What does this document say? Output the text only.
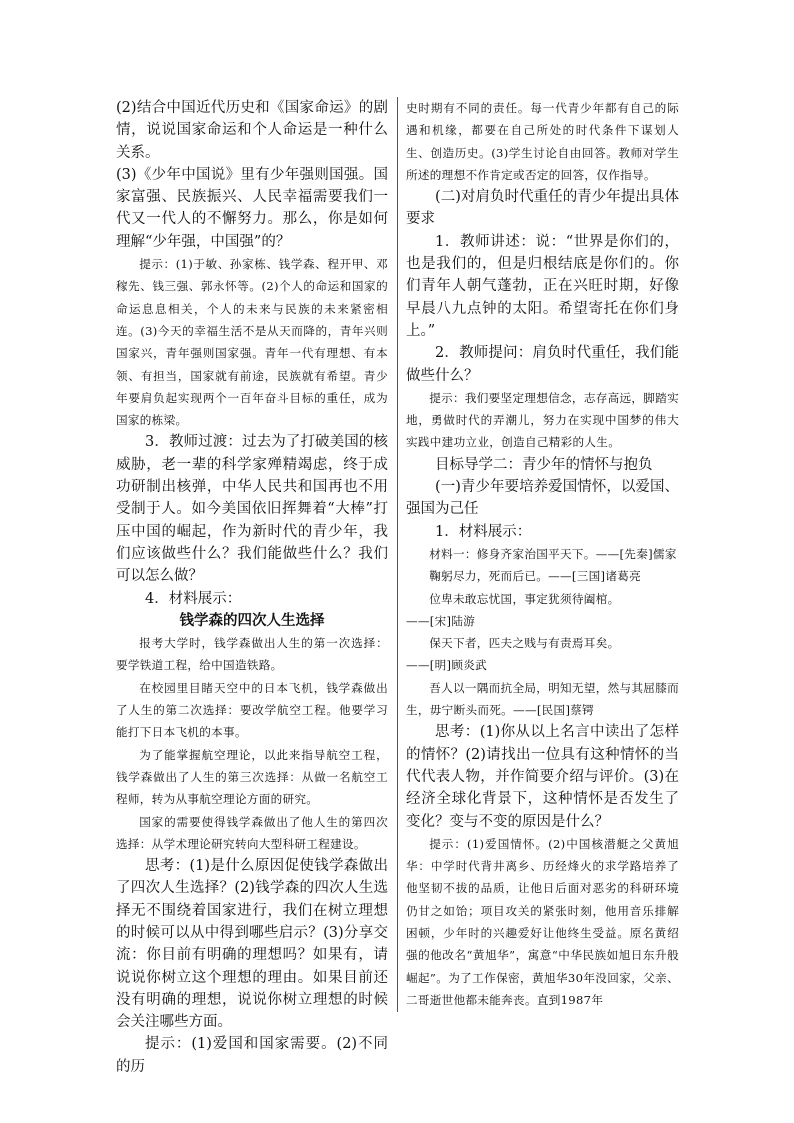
(2)结合中国近代历史和《国家命运》的剧情，说说国家命运和个人命运是一种什么关系。

(3)《少年中国说》里有少年强则国强。国家富强、民族振兴、人民幸福需要我们一代又一代人的不懈努力。那么，你是如何理解“少年强，中国强”的？

提示：(1)于敏、孙家栋、钱学森、程开甲、邓稼先、钱三强、郭永怀等。(2)个人的命运和国家的命运息息相关，个人的未来与民族的未来紧密相连。(3)今天的幸福生活不是从天而降的，青年兴则国家兴，青年强则国家强。青年一代有理想、有本领、有担当，国家就有前途，民族就有希望。青少年要肩负起实现两个一百年奋斗目标的重任，成为国家的栋梁。

3．教师过渡：过去为了打破美国的核威胁，老一辈的科学家殚精竭虑，终于成功研制出核弹，中华人民共和国再也不用受制于人。如今美国依旧挥舞着“大棒”打压中国的崛起，作为新时代的青少年，我们应该做些什么？我们能做些什么？我们可以怎么做？

4．材料展示：

钱学森的四次人生选择

报考大学时，钱学森做出人生的第一次选择：要学铁道工程，给中国造铁路。

在校园里目睹天空中的日本飞机，钱学森做出了人生的第二次选择：要改学航空工程。他要学习能打下日本飞机的本事。

为了能掌握航空理论，以此来指导航空工程，钱学森做出了人生的第三次选择：从做一名航空工程师，转为从事航空理论方面的研究。

国家的需要使得钱学森做出了他人生的第四次选择：从学术理论研究转向大型科研工程建设。

思考：(1)是什么原因促使钱学森做出了四次人生选择？(2)钱学森的四次人生选择无不围绕着国家进行，我们在树立理想的时候可以从中得到哪些启示？(3)分享交流：你目前有明确的理想吗？如果有，请说说你树立这个理想的理由。如果目前还没有明确的理想，说说你树立理想的时候会关注哪些方面。

提示：(1)爱国和国家需要。(2)不同的历

史时期有不同的责任。每一代青少年都有自己的际遇和机缘，都要在自己所处的时代条件下谋划人生、创造历史。(3)学生讨论自由回答。教师对学生所述的理想不作肯定或否定的回答，仅作指导。

(二)对肩负时代重任的青少年提出具体要求

1．教师讲述：说：“世界是你们的，也是我们的，但是归根结底是你们的。你们青年人朝气蓬勃，正在兴旺时期，好像早晨八九点钟的太阳。希望寄托在你们身上。”

2．教师提问：肩负时代重任，我们能做些什么？

提示：我们要坚定理想信念，志存高远，脚踏实地，勇做时代的弄潮儿，努力在实现中国梦的伟大实践中建功立业，创造自己精彩的人生。

目标导学二：青少年的情怀与抱负

(一)青少年要培养爱国情怀，以爱国、强国为己任

1．材料展示：

材料一：修身齐家治国平天下。——[先秦]儒家

鞠躬尽力，死而后已。——[三国]诸葛亮

位卑未敢忘忧国，事定犹须待阖棺。

——[宋]陆游

保天下者，匹夫之贱与有责焉耳矣。

——[明]顾炎武

吾人以一隅而抗全局，明知无望，然与其屈膝而生，毋宁断头而死。——[民国]蔡锷

思考：(1)你从以上名言中读出了怎样的情怀？(2)请找出一位具有这种情怀的当代代表人物，并作简要介绍与评价。(3)在经济全球化背景下，这种情怀是否发生了变化？变与不变的原因是什么？

提示：(1)爱国情怀。(2)中国核潜艇之父黄旭华：中学时代背井离乡、历经烽火的求学路培养了他坚韧不拔的品质，让他日后面对恶劣的科研环境仍甘之如饴；项目攻关的紧张时刻，他用音乐排解困顿，少年时的兴趣爱好让他终生受益。原名黄绍强的他改名“黄旭华”，寓意“中华民族如旭日东升般崛起”。为了工作保密，黄旭华30年没回家，父亲、二哥逝世他都未能奔丧。直到1987年
